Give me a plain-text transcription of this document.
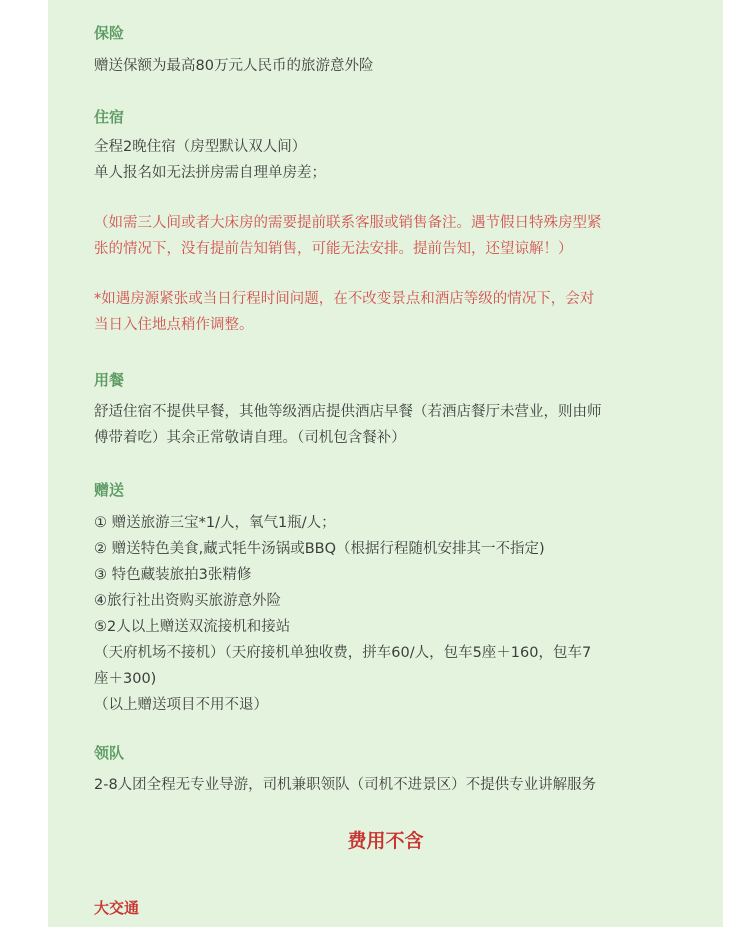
保险
赠送保额为最高80万元人民币的旅游意外险
住宿
全程2晚住宿（房型默认双人间）
单人报名如无法拼房需自理单房差；
（如需三人间或者大床房的需要提前联系客服或销售备注。遇节假日特殊房型紧
张的情况下，没有提前告知销售，可能无法安排。提前告知，还望谅解！）
*如遇房源紧张或当日行程时间问题，在不改变景点和酒店等级的情况下，会对
当日入住地点稍作调整。
用餐
舒适住宿不提供早餐，其他等级酒店提供酒店早餐（若酒店餐厅未营业，则由师
傅带着吃）其余正常敬请自理。（司机包含餐补）
赠送
① 赠送旅游三宝*1/人，氧气1瓶/人；
② 赠送特色美食,藏式牦牛汤锅或BBQ（根据行程随机安排其一不指定)
③ 特色藏装旅拍3张精修
④旅行社出资购买旅游意外险
⑤2人以上赠送双流接机和接站
（天府机场不接机）（天府接机单独收费，拼车60/人，包车5座＋160，包车7
座＋300)
（以上赠送项目不用不退）
领队
2-8人团全程无专业导游，司机兼职领队（司机不进景区）不提供专业讲解服务
费用不含
大交通
